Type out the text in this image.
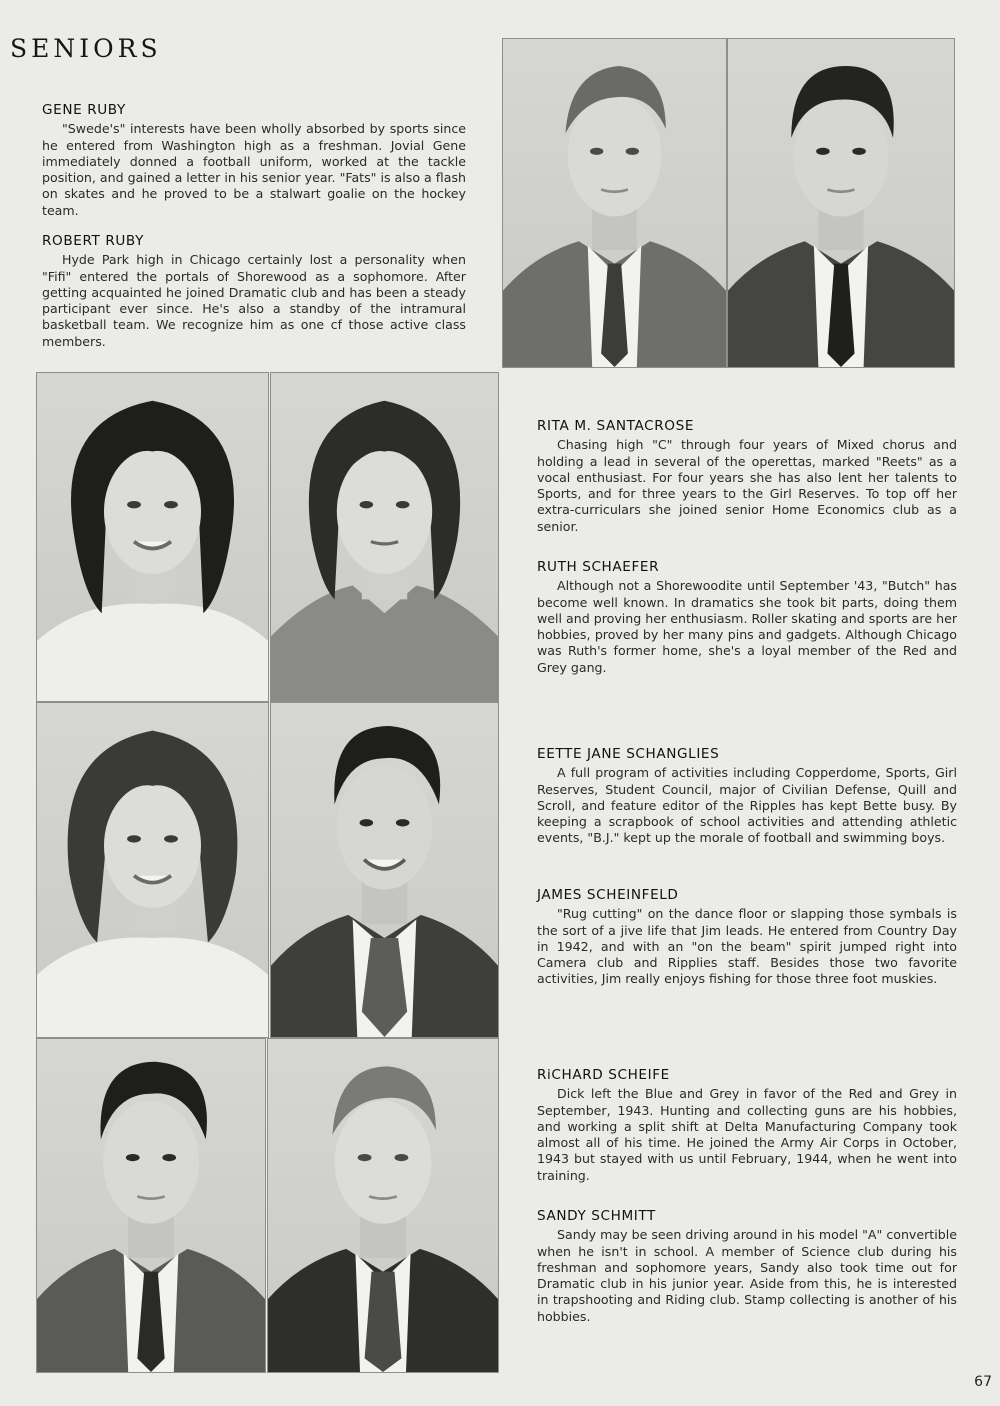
SENIORS
GENE RUBY

"Swede's" interests have been wholly absorbed by sports since he entered from Washington high as a freshman. Jovial Gene immediately donned a football uniform, worked at the tackle position, and gained a letter in his senior year. "Fats" is also a flash on skates and he proved to be a stalwart goalie on the hockey team.

ROBERT RUBY

Hyde Park high in Chicago certainly lost a personality when "Fifi" entered the portals of Shorewood as a sophomore. After getting acquainted he joined Dramatic club and has been a steady participant ever since. He's also a standby of the intramural basketball team. We recognize him as one cf those active class members.

RITA M. SANTACROSE

Chasing high "C" through four years of Mixed chorus and holding a lead in several of the operettas, marked "Reets" as a vocal enthusiast. For four years she has also lent her talents to Sports, and for three years to the Girl Reserves. To top off her extra-curriculars she joined senior Home Economics club as a senior.

RUTH SCHAEFER

Although not a Shorewoodite until September '43, "Butch" has become well known. In dramatics she took bit parts, doing them well and proving her enthusiasm. Roller skating and sports are her hobbies, proved by her many pins and gadgets. Although Chicago was Ruth's former home, she's a loyal member of the Red and Grey gang.

EETTE JANE SCHANGLIES

A full program of activities including Copperdome, Sports, Girl Reserves, Student Council, major of Civilian Defense, Quill and Scroll, and feature editor of the Ripples has kept Bette busy. By keeping a scrapbook of school activities and attending athletic events, "B.J." kept up the morale of football and swimming boys.

JAMES SCHEINFELD

"Rug cutting" on the dance floor or slapping those symbals is the sort of a jive life that Jim leads. He entered from Country Day in 1942, and with an "on the beam" spirit jumped right into Camera club and Ripplies staff. Besides those two favorite activities, Jim really enjoys fishing for those three foot muskies.

RiCHARD SCHEIFE

Dick left the Blue and Grey in favor of the Red and Grey in September, 1943. Hunting and collecting guns are his hobbies, and working a split shift at Delta Manufacturing Company took almost all of his time. He joined the Army Air Corps in October, 1943 but stayed with us until February, 1944, when he went into training.

SANDY SCHMITT

Sandy may be seen driving around in his model "A" convertible when he isn't in school. A member of Science club during his freshman and sophomore years, Sandy also took time out for Dramatic club in his junior year. Aside from this, he is interested in trapshooting and Riding club. Stamp collecting is another of his hobbies.

67
